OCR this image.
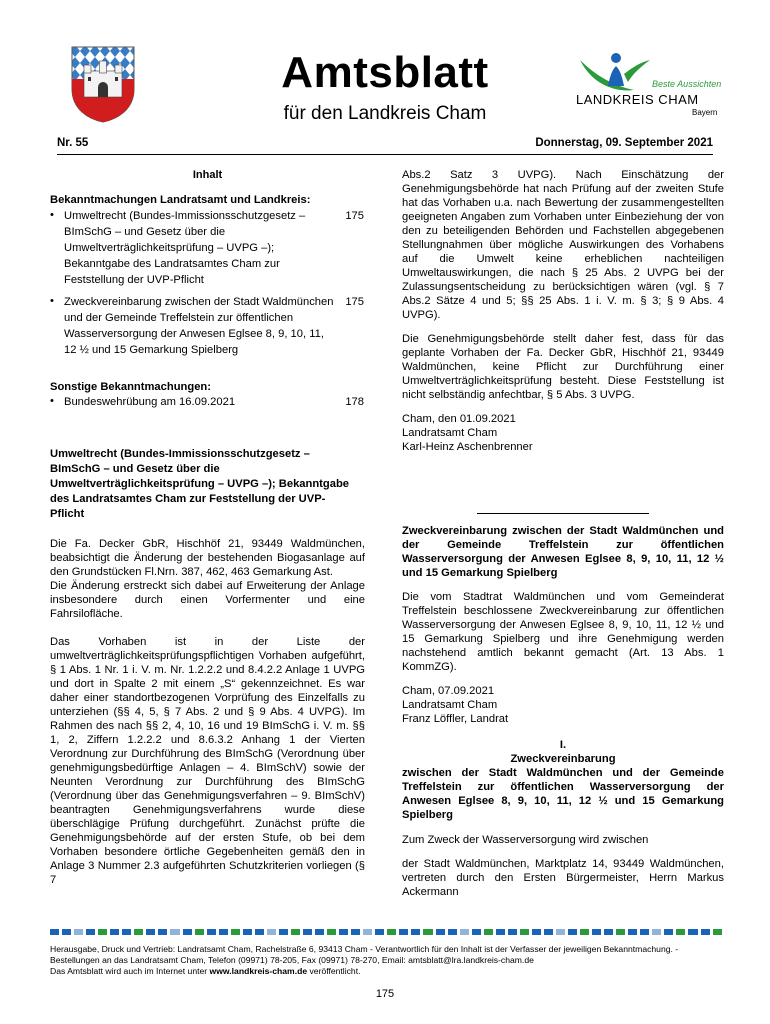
Amtsblatt
für den Landkreis Cham
Beste Aussichten
LANDKREIS CHAM
Bayern
Nr. 55	Donnerstag, 09. September 2021

Inhalt

Bekanntmachungen Landratsamt und Landkreis:

• Umweltrecht (Bundes-Immissionsschutzgesetz – BImSchG – und Gesetz über die Umweltverträglichkeitsprüfung – UVPG –); Bekanntgabe des Landratsamtes Cham zur Feststellung der UVP-Pflicht
175
• Zweckvereinbarung zwischen der Stadt Waldmünchen und der Gemeinde Treffelstein zur öffentlichen Wasserversorgung der Anwesen Eglsee 8, 9, 10, 11, 12 ½ und 15 Gemarkung Spielberg
175

Sonstige Bekanntmachungen:

• Bundeswehrübung am 16.09.2021	178

Umweltrecht (Bundes-Immissionsschutzgesetz – BImSchG – und Gesetz über die Umweltverträglichkeitsprüfung – UVPG –); Bekanntgabe des Landratsamtes Cham zur Feststellung der UVP-Pflicht

Die Fa. Decker GbR, Hischhöf 21, 93449 Waldmünchen, beabsichtigt die Änderung der bestehenden Biogasanlage auf den Grundstücken Fl.Nrn. 387, 462, 463 Gemarkung Ast.

Die Änderung erstreckt sich dabei auf Erweiterung der Anlage insbesondere durch einen Vorfermenter und eine Fahrsilofläche.

Das Vorhaben ist in der Liste der umweltverträglichkeitsprüfungspflichtigen Vorhaben aufgeführt, § 1 Abs. 1 Nr. 1 i. V. m. Nr. 1.2.2.2 und 8.4.2.2 Anlage 1 UVPG und dort in Spalte 2 mit einem „S“ gekennzeichnet. Es war daher einer standortbezogenen Vorprüfung des Einzelfalls zu unterziehen (§§ 4, 5, § 7 Abs. 2 und § 9 Abs. 4 UVPG). Im Rahmen des nach §§ 2, 4, 10, 16 und 19 BImSchG i. V. m. §§ 1, 2, Ziffern 1.2.2.2 und 8.6.3.2 Anhang 1 der Vierten Verordnung zur Durchführung des BImSchG (Verordnung über genehmigungsbedürftige Anlagen – 4. BImSchV) sowie der Neunten Verordnung zur Durchführung des BImSchG (Verordnung über das Genehmigungsverfahren – 9. BImSchV) beantragten Genehmigungsverfahrens wurde diese überschlägige Prüfung durchgeführt. Zunächst prüfte die Genehmigungsbehörde auf der ersten Stufe, ob bei dem Vorhaben besondere örtliche Gegebenheiten gemäß den in Anlage 3 Nummer 2.3 aufgeführten Schutzkriterien vorliegen (§ 7

Abs.2 Satz 3 UVPG). Nach Einschätzung der Genehmigungsbehörde hat nach Prüfung auf der zweiten Stufe hat das Vorhaben u.a. nach Bewertung der zusammengestellten geeigneten Angaben zum Vorhaben unter Einbeziehung der von den zu beteiligenden Behörden und Fachstellen abgegebenen Stellungnahmen über mögliche Auswirkungen des Vorhabens auf die Umwelt keine erheblichen nachteiligen Umweltauswirkungen, die nach § 25 Abs. 2 UVPG bei der Zulassungsentscheidung zu berücksichtigen wären (vgl. § 7 Abs.2 Sätze 4 und 5; §§ 25 Abs. 1 i. V. m. § 3; § 9 Abs. 4 UVPG).

Die Genehmigungsbehörde stellt daher fest, dass für das geplante Vorhaben der Fa. Decker GbR, Hischhöf 21, 93449 Waldmünchen, keine Pflicht zur Durchführung einer Umweltverträglichkeitsprüfung besteht. Diese Feststellung ist nicht selbständig anfechtbar, § 5 Abs. 3 UVPG.

Cham, den 01.09.2021

Landratsamt Cham

Karl-Heinz Aschenbrenner

Zweckvereinbarung zwischen der Stadt Waldmünchen und der Gemeinde Treffelstein zur öffentlichen Wasserversorgung der Anwesen Eglsee 8, 9, 10, 11, 12 ½ und 15 Gemarkung Spielberg

Die vom Stadtrat Waldmünchen und vom Gemeinderat Treffelstein beschlossene Zweckvereinbarung zur öffentlichen Wasserversorgung der Anwesen Eglsee 8, 9, 10, 11, 12 ½ und 15 Gemarkung Spielberg und ihre Genehmigung werden nachstehend amtlich bekannt gemacht (Art. 13 Abs. 1 KommZG).

Cham, 07.09.2021

Landratsamt Cham

Franz Löffler, Landrat

I.

Zweckvereinbarung

zwischen der Stadt Waldmünchen und der Gemeinde Treffelstein zur öffentlichen Wasserversorgung der Anwesen Eglsee 8, 9, 10, 11, 12 ½ und 15 Gemarkung Spielberg

Zum Zweck der Wasserversorgung wird zwischen

der Stadt Waldmünchen, Marktplatz 14, 93449 Waldmünchen, vertreten durch den Ersten Bürgermeister, Herrn Markus Ackermann

Herausgabe, Druck und Vertrieb: Landratsamt Cham, Rachelstraße 6, 93413 Cham - Verantwortlich für den Inhalt ist der Verfasser der jeweiligen Bekanntmachung. - Bestellungen an das Landratsamt Cham, Telefon (09971) 78-205, Fax (09971) 78-270, Email: amtsblatt@lra.landkreis-cham.de
Das Amtsblatt wird auch im Internet unter www.landkreis-cham.de veröffentlicht.
175
